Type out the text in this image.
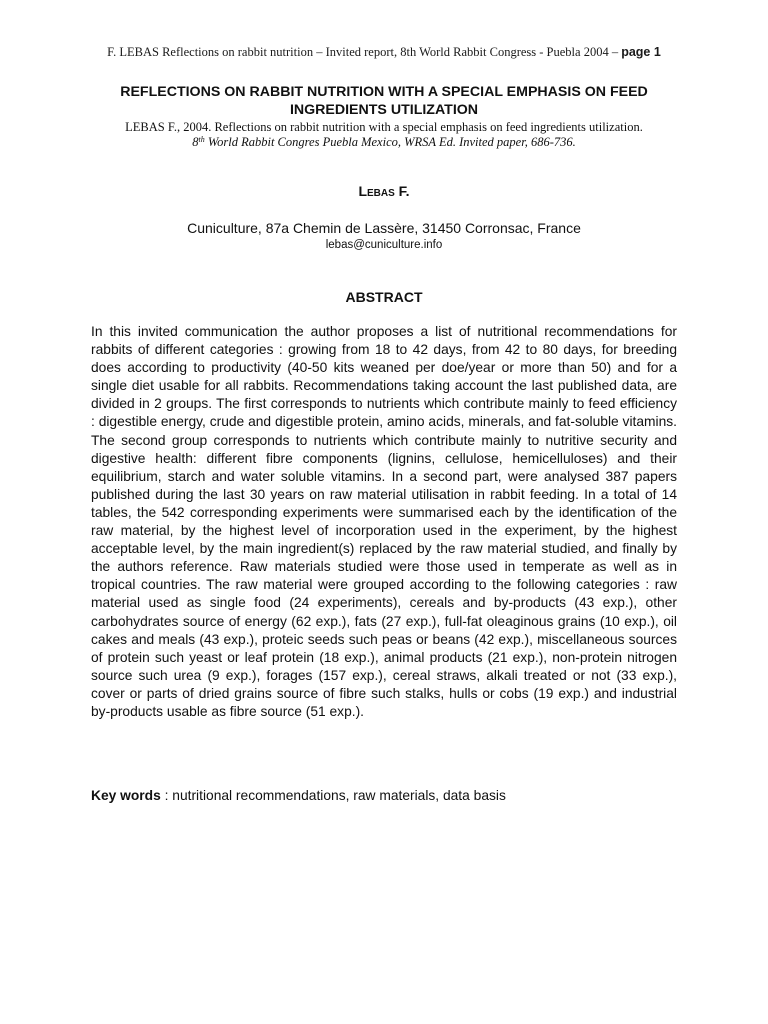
F. LEBAS Reflections on rabbit nutrition – Invited report, 8th World Rabbit Congress - Puebla 2004 – page 1
REFLECTIONS ON RABBIT NUTRITION WITH A SPECIAL EMPHASIS ON FEED INGREDIENTS UTILIZATION
LEBAS F., 2004. Reflections on rabbit nutrition with a special emphasis on feed ingredients utilization.
8th World Rabbit Congres Puebla Mexico, WRSA Ed. Invited paper, 686-736.
Lebas F.
Cuniculture, 87a Chemin de Lassère, 31450 Corronsac, France
lebas@cuniculture.info
ABSTRACT

In this invited communication the author proposes a list of nutritional recommendations for rabbits of different categories : growing from 18 to 42 days, from 42 to 80 days, for breeding does according to productivity (40-50 kits weaned per doe/year or more than 50) and for a single diet usable for all rabbits. Recommendations taking account the last published data, are divided in 2 groups. The first corresponds to nutrients which contribute mainly to feed efficiency : digestible energy, crude and digestible protein, amino acids, minerals, and fat-soluble vitamins. The second group corresponds to nutrients which contribute mainly to nutritive security and digestive health: different fibre components (lignins, cellulose, hemicelluloses) and their equilibrium, starch and water soluble vitamins. In a second part, were analysed 387 papers published during the last 30 years on raw material utilisation in rabbit feeding. In a total of 14 tables, the 542 corresponding experiments were summarised each by the identification of the raw material, by the highest level of incorporation used in the experiment, by the highest acceptable level, by the main ingredient(s) replaced by the raw material studied, and finally by the authors reference. Raw materials studied were those used in temperate as well as in tropical countries. The raw material were grouped according to the following categories : raw material used as single food (24 experiments), cereals and by-products (43 exp.), other carbohydrates source of energy (62 exp.), fats (27 exp.), full-fat oleaginous grains (10 exp.), oil cakes and meals (43 exp.), proteic seeds such peas or beans (42 exp.), miscellaneous sources of protein such yeast or leaf protein (18 exp.), animal products (21 exp.), non-protein nitrogen source such urea (9 exp.), forages (157 exp.), cereal straws, alkali treated or not (33 exp.), cover or parts of dried grains source of fibre such stalks, hulls or cobs (19 exp.) and industrial by-products usable as fibre source (51 exp.).

Key words : nutritional recommendations, raw materials, data basis
